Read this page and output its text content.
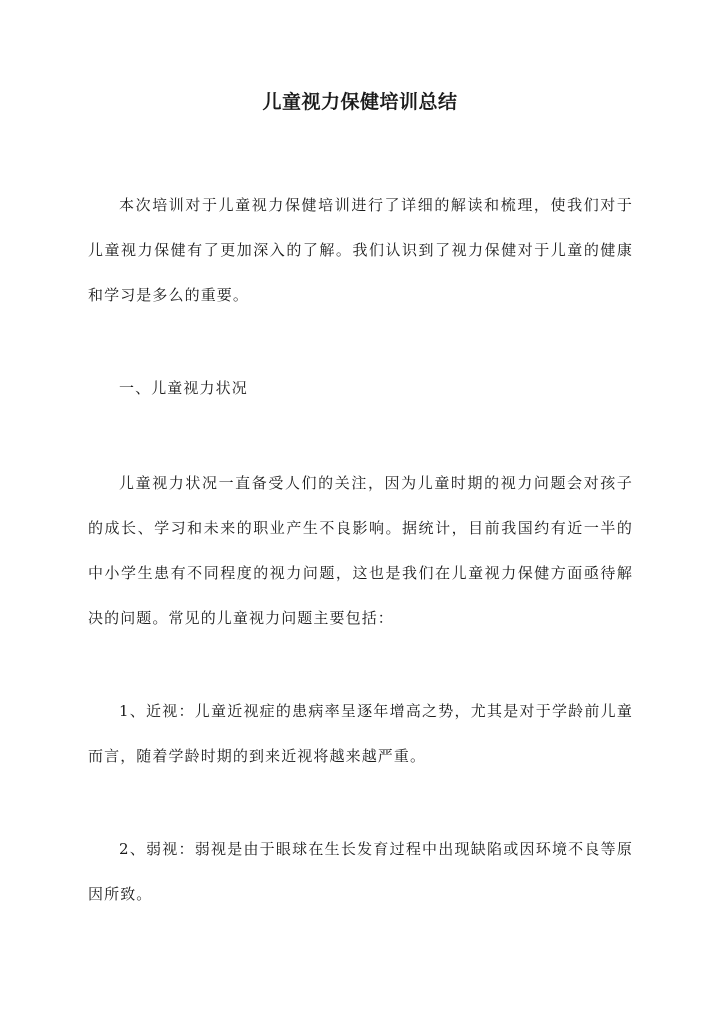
儿童视力保健培训总结

本次培训对于儿童视力保健培训进行了详细的解读和梳理，使我们对于儿童视力保健有了更加深入的了解。我们认识到了视力保健对于儿童的健康和学习是多么的重要。

一、儿童视力状况

儿童视力状况一直备受人们的关注，因为儿童时期的视力问题会对孩子的成长、学习和未来的职业产生不良影响。据统计，目前我国约有近一半的中小学生患有不同程度的视力问题，这也是我们在儿童视力保健方面亟待解决的问题。常见的儿童视力问题主要包括：

1、近视：儿童近视症的患病率呈逐年增高之势，尤其是对于学龄前儿童而言，随着学龄时期的到来近视将越来越严重。

2、弱视：弱视是由于眼球在生长发育过程中出现缺陷或因环境不良等原因所致。
